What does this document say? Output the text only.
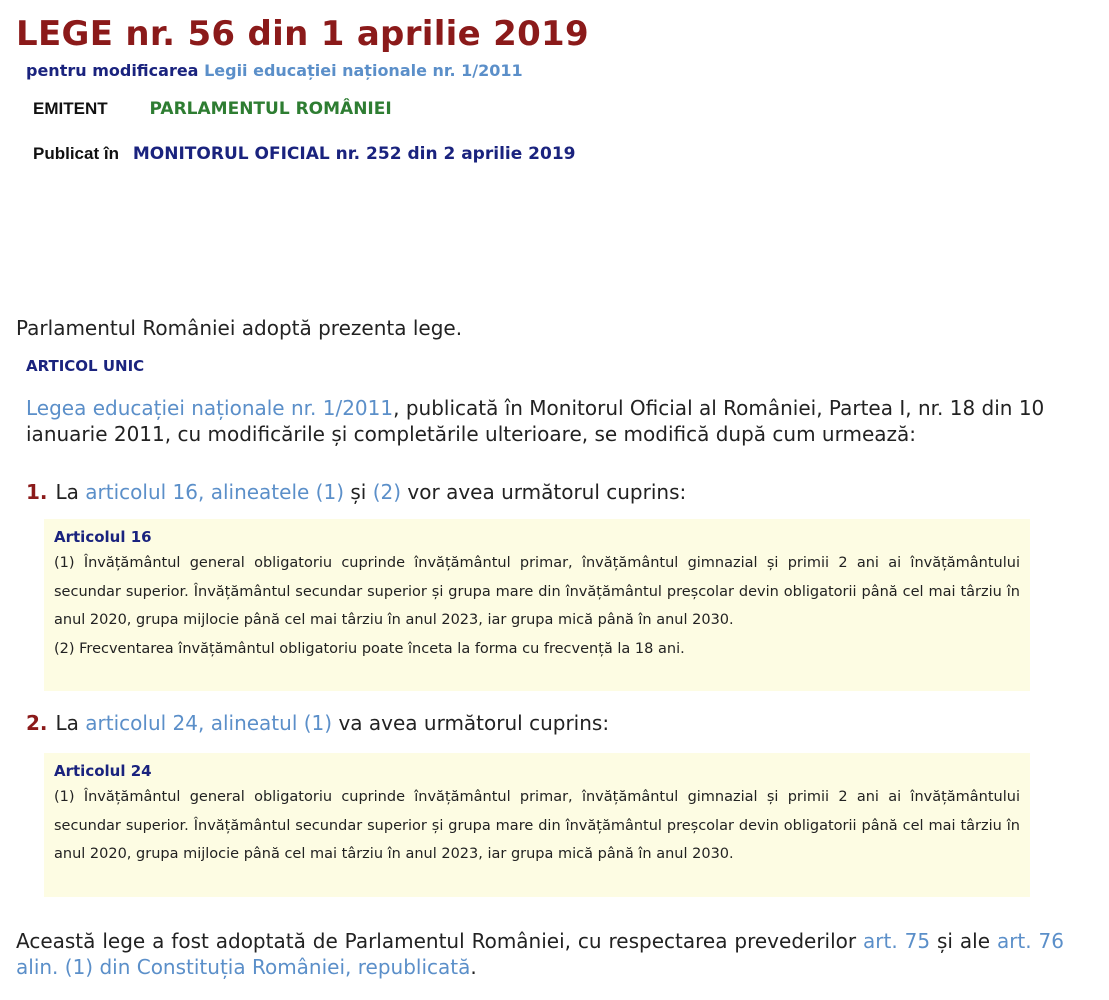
LEGE nr. 56 din 1 aprilie 2019
pentru modificarea Legii educației naționale nr. 1/2011
EMITENT PARLAMENTUL ROMÂNIEI
Publicat în MONITORUL OFICIAL nr. 252 din 2 aprilie 2019
Parlamentul României adoptă prezenta lege.
ARTICOL UNIC
Legea educației naționale nr. 1/2011, publicată în Monitorul Oficial al României, Partea I, nr. 18 din 10 ianuarie 2011, cu modificările și completările ulterioare, se modifică după cum urmează:
1. La articolul 16, alineatele (1) și (2) vor avea următorul cuprins:
Articolul 16
(1) Învățământul general obligatoriu cuprinde învățământul primar, învățământul gimnazial și primii 2 ani ai învățământului secundar superior. Învățământul secundar superior și grupa mare din învățământul preșcolar devin obligatorii până cel mai târziu în anul 2020, grupa mijlocie până cel mai târziu în anul 2023, iar grupa mică până în anul 2030.
(2) Frecventarea învățământul obligatoriu poate înceta la forma cu frecvență la 18 ani.
2. La articolul 24, alineatul (1) va avea următorul cuprins:
Articolul 24
(1) Învățământul general obligatoriu cuprinde învățământul primar, învățământul gimnazial și primii 2 ani ai învățământului secundar superior. Învățământul secundar superior și grupa mare din învățământul preșcolar devin obligatorii până cel mai târziu în anul 2020, grupa mijlocie până cel mai târziu în anul 2023, iar grupa mică până în anul 2030.
Această lege a fost adoptată de Parlamentul României, cu respectarea prevederilor art. 75 și ale art. 76 alin. (1) din Constituția României, republicată.
